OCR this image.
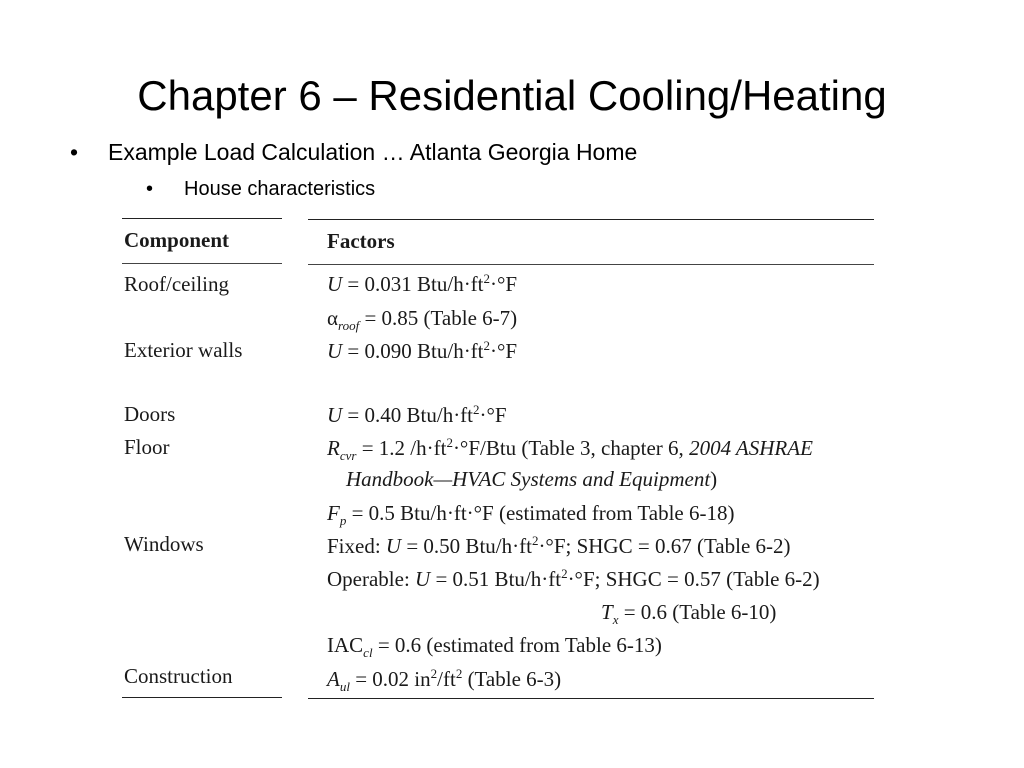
Chapter 6 – Residential Cooling/Heating
• Example Load Calculation … Atlanta Georgia Home
• House characteristics
Component	Factors
Roof/ceiling
Exterior walls
Doors
Floor
Windows
Construction
U = 0.031 Btu/$h\cdot ft^2\cdot^\circ F$
$\alpha_{roof} = 0.85$ (Table 6-7)
U = 0.090 Btu/$h\cdot ft^2\cdot^\circ F$
U = 0.40 Btu/$h\cdot ft^2\cdot^\circ F$
$R_{cvr} = 1.2$ $/h\cdot ft^2\cdot^\circ F$/Btu (Table 3, chapter 6, 2004 ASHRAE
Handbook—HVAC Systems and Equipment)
$F_p = 0.5$ Btu/h·ft·°F (estimated from Table 6-18)
Fixed: U = 0.50 Btu/$h\cdot ft^2\cdot^\circ F$; SHGC = 0.67 (Table 6-2)
Operable: U = 0.51 Btu/$h\cdot ft^2\cdot^\circ F$; SHGC = 0.57 (Table 6-2)
$T_x = 0.6$ (Table 6-10)
$IAC_{cl} = 0.6$ (estimated from Table 6-13)
$A_{ul} = 0.02$ $in^2/ft^2$ (Table 6-3)
